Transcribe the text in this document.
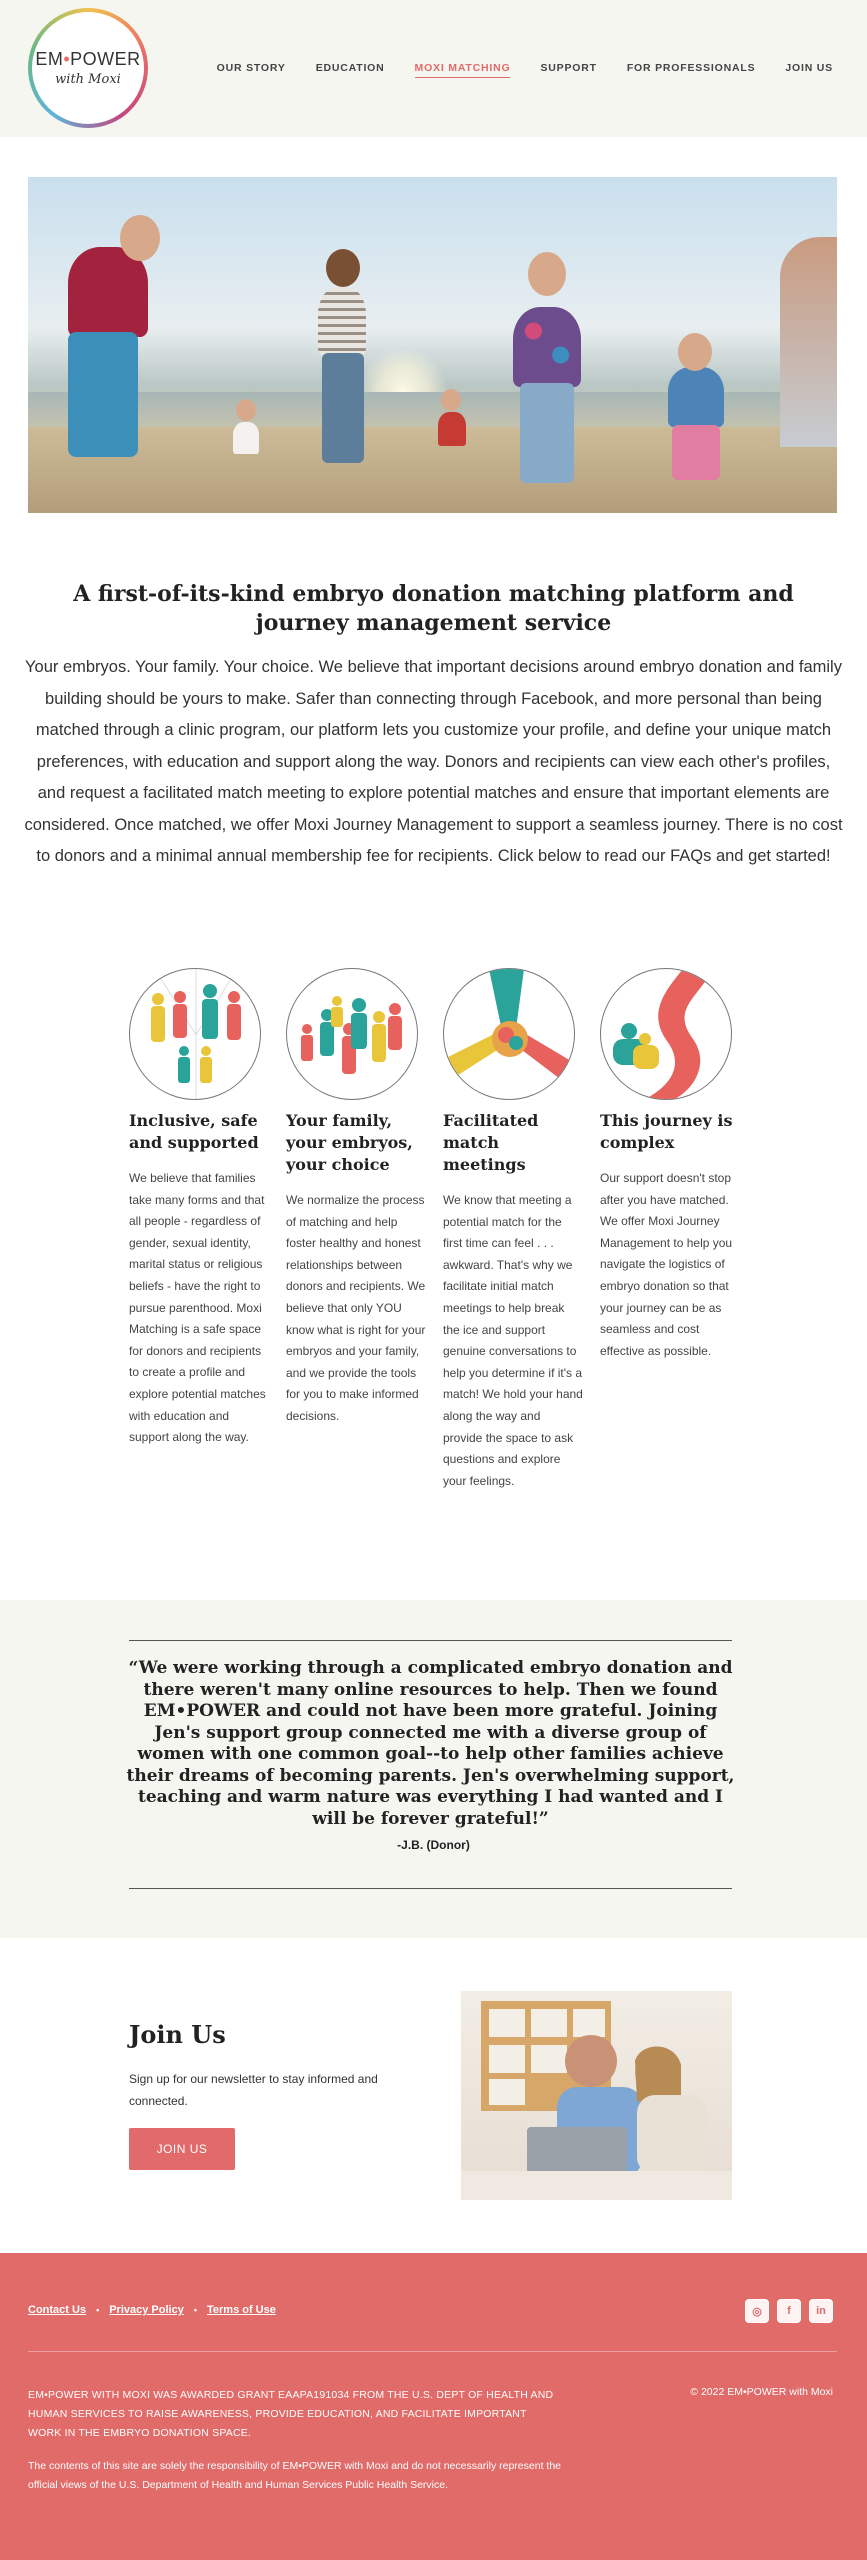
EM•POWER
with Moxi
OUR STORY	EDUCATION	MOXI MATCHING	SUPPORT	FOR PROFESSIONALS	JOIN US
A first-of-its-kind embryo donation matching platform and journey management service

Your embryos. Your family. Your choice. We believe that important decisions around embryo donation and family building should be yours to make. Safer than connecting through Facebook, and more personal than being matched through a clinic program, our platform lets you customize your profile, and define your unique match preferences, with education and support along the way. Donors and recipients can view each other's profiles, and request a facilitated match meeting to explore potential matches and ensure that important elements are considered. Once matched, we offer Moxi Journey Management to support a seamless journey. There is no cost to donors and a minimal annual membership fee for recipients. Click below to read our FAQs and get started!

Inclusive, safe and supported

We believe that families take many forms and that all people - regardless of gender, sexual identity, marital status or religious beliefs - have the right to pursue parenthood. Moxi Matching is a safe space for donors and recipients to create a profile and explore potential matches with education and support along the way.

Your family, your embryos, your choice

We normalize the process of matching and help foster healthy and honest relationships between donors and recipients. We believe that only YOU know what is right for your embryos and your family, and we provide the tools for you to make informed decisions.

Facilitated match meetings

We know that meeting a potential match for the first time can feel . . . awkward. That's why we facilitate initial match meetings to help break the ice and support genuine conversations to help you determine if it's a match! We hold your hand along the way and provide the space to ask questions and explore your feelings.

This journey is complex

Our support doesn't stop after you have matched. We offer Moxi Journey Management to help you navigate the logistics of embryo donation so that your journey can be as seamless and cost effective as possible.

“We were working through a complicated embryo donation and there weren't many online resources to help. Then we found EM•POWER and could not have been more grateful. Joining Jen's support group connected me with a diverse group of women with one common goal--to help other families achieve their dreams of becoming parents. Jen's overwhelming support, teaching and warm nature was everything I had wanted and I will be forever grateful!”
-J.B. (Donor)
Join Us

Sign up for our newsletter to stay informed and connected.

JOIN US
Contact Us • Privacy Policy • Terms of Use	◎	f	in

EM•POWER WITH MOXI WAS AWARDED GRANT EAAPA191034 FROM THE U.S. DEPT OF HEALTH AND HUMAN SERVICES TO RAISE AWARENESS, PROVIDE EDUCATION, AND FACILITATE IMPORTANT WORK IN THE EMBRYO DONATION SPACE.

© 2022 EM•POWER with Moxi

The contents of this site are solely the responsibility of EM•POWER with Moxi and do not necessarily represent the official views of the U.S. Department of Health and Human Services Public Health Service.
